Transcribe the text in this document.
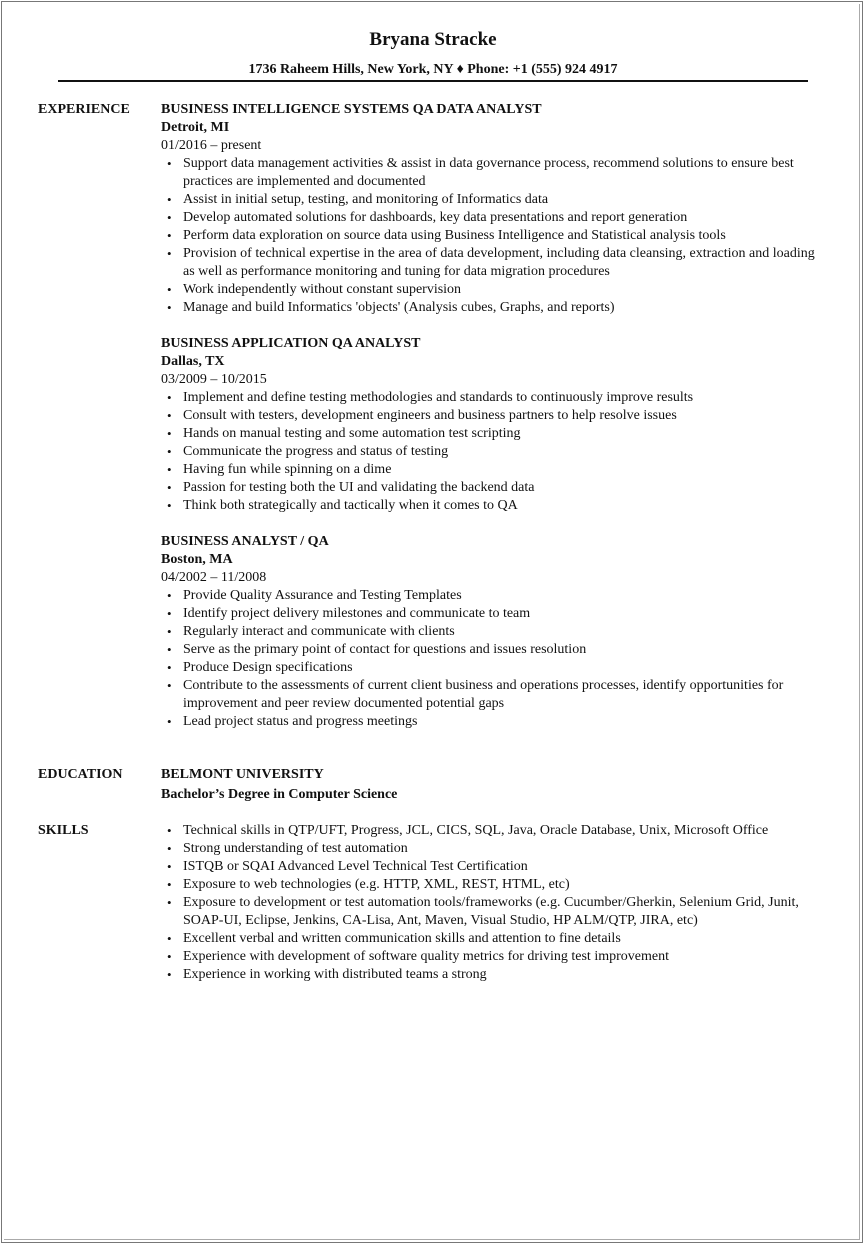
Bryana Stracke
1736 Raheem Hills, New York, NY ♦ Phone: +1 (555) 924 4917
EXPERIENCE BUSINESS INTELLIGENCE SYSTEMS QA DATA ANALYST
Detroit, MI
01/2016 – present
• Support data management activities & assist in data governance process, recommend solutions to ensure best practices are implemented and documented
• Assist in initial setup, testing, and monitoring of Informatics data
• Develop automated solutions for dashboards, key data presentations and report generation
• Perform data exploration on source data using Business Intelligence and Statistical analysis tools
• Provision of technical expertise in the area of data development, including data cleansing, extraction and loading as well as performance monitoring and tuning for data migration procedures
• Work independently without constant supervision
• Manage and build Informatics 'objects' (Analysis cubes, Graphs, and reports)
BUSINESS APPLICATION QA ANALYST
Dallas, TX
03/2009 – 10/2015
• Implement and define testing methodologies and standards to continuously improve results
• Consult with testers, development engineers and business partners to help resolve issues
• Hands on manual testing and some automation test scripting
• Communicate the progress and status of testing
• Having fun while spinning on a dime
• Passion for testing both the UI and validating the backend data
• Think both strategically and tactically when it comes to QA
BUSINESS ANALYST / QA
Boston, MA
04/2002 – 11/2008
• Provide Quality Assurance and Testing Templates
• Identify project delivery milestones and communicate to team
• Regularly interact and communicate with clients
• Serve as the primary point of contact for questions and issues resolution
• Produce Design specifications
• Contribute to the assessments of current client business and operations processes, identify opportunities for improvement and peer review documented potential gaps
• Lead project status and progress meetings
EDUCATION	BELMONT UNIVERSITY
Bachelor’s Degree in Computer Science
SKILLS	• Technical skills in QTP/UFT, Progress, JCL, CICS, SQL, Java, Oracle Database, Unix, Microsoft Office
• Strong understanding of test automation
• ISTQB or SQAI Advanced Level Technical Test Certification
• Exposure to web technologies (e.g. HTTP, XML, REST, HTML, etc)
• Exposure to development or test automation tools/frameworks (e.g. Cucumber/Gherkin, Selenium Grid, Junit, SOAP-UI, Eclipse, Jenkins, CA-Lisa, Ant, Maven, Visual Studio, HP ALM/QTP, JIRA, etc)
• Excellent verbal and written communication skills and attention to fine details
• Experience with development of software quality metrics for driving test improvement
• Experience in working with distributed teams a strong
